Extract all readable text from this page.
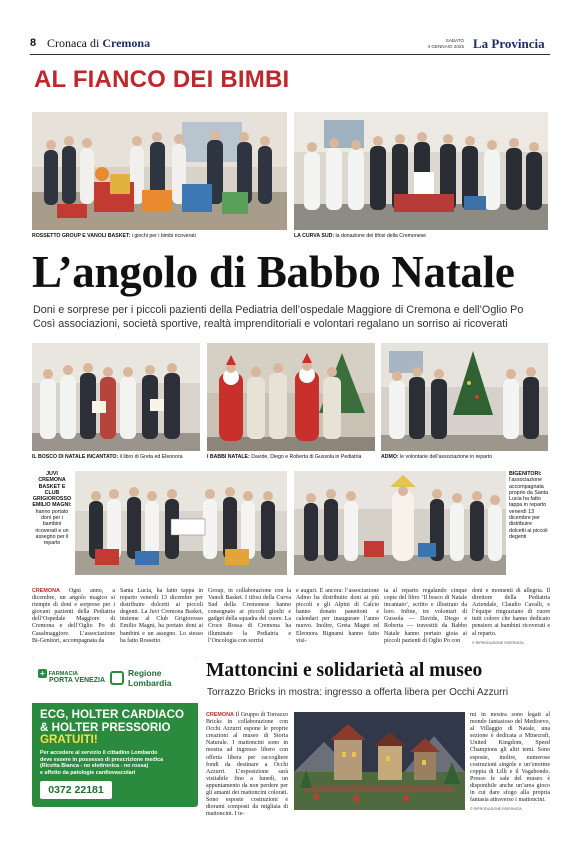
8 Cronaca di Cremona	SABATO
4 GENNAIO 2025 La Provincia
AL FIANCO DEI BIMBI
ROSSETTO GROUP E VANOLI BASKET: i giochi per i bimbi ricoverati	LA CURVA SUD: la donazione dei tifosi della Cremonese
L’angolo di Babbo Natale
Doni e sorprese per i piccoli pazienti della Pediatria dell’ospedale Maggiore di Cremona e dell’Oglio Po
Così associazioni, società sportive, realtà imprenditoriali e volontari regalano un sorriso ai ricoverati
IL BOSCO DI NATALE INCANTATO: il libro di Greta ed Eleonora	I BABBI NATALE: Davide, Diego e Roberta di Gussola in Pediatria	ADMO: le volontarie dell’associazione in reparto
JUVI CREMONA BASKET E CLUB GRIGIOROSSO EMILIO MAGNI: hanno portato doni per i bambini ricoverati e un assegno per il reparto
BIGENITORI: l’associazione accompagnata proprio da Santa Lucia ha fatto tappa in reparto venerdì 13 dicembre per distribuire dolcetti ai piccoli degenti
CREMONA Ogni anno, a dicembre, un angolo magico si riempie di doni e sorprese per i giovani pazienti della Pediatria dell’Ospedale Maggiore di Cremona e dell’Oglio Po di Casalmaggiore. L’associazione Bi-Genitori, accompagnata da
Santa Lucia, ha fatto tappa in reparto venerdì 13 dicembre per distribuire dolcetti ai piccoli degenti. La Juvi Cremona Basket, insieme al Club Grigiorosso Emilio Magni, ha portato doni ai bambini e un assegno. Lo stesso ha fatto Rossetto
Group, in collaborazione con la Vanoli Basket. I tifosi della Curva Sud della Cremonese hanno consegnato ai piccoli giochi e gadget della squadra del cuore. La Croce Rossa di Cremona ha illuminato la Pediatria e l’Oncologia con sorrisi
e auguri. E ancora: l’associazione Admo ha distribuito doni ai più piccoli e gli Alpini di Calcio hanno donato panettoni e calendari per inaugurare l’anno nuovo. Inoltre, Greta Magni ed Eleonora Bignami hanno fatto visi-
ta al reparto regalando cinque copie del libro ‘Il bosco di Natale incantato’, scritto e illustrato da loro. Infine, tre volontari di Gussola — Davide, Diego e Roberta — travestiti da Babbo Natale hanno portato gioia ai piccoli pazienti di Oglio Po con
doni e momenti di allegria. Il direttore della Pediatria Aziendale, Claudio Cavalli, e l’équipe ringraziano di cuore tutti coloro che hanno dedicato pensiero ai bambini ricoverati e al reparto.
© RIPRODUZIONE RISERVATA
+ FARMACIA
PORTA VENEZIA
Regione
Lombardia
ECG, HOLTER CARDIACO
& HOLTER PRESSORIO
GRATUITI!
Per accedere al servizio il cittadino Lombardo
deve essere in possesso di prescrizione medica
(Ricetta Bianca - no elettronica - no rossa)
e affetto da patologie cardiovascolari
0372 22181
Mattoncini e solidarietà al museo
Torrazzo Bricks in mostra: ingresso a offerta libera per Occhi Azzurri
CREMONA Il Gruppo di Torrazzo Bricks in collaborazione con Occhi Azzurri espone le proprie creazioni al museo di Storia Naturale. I mattoncini sono in mostra ad ingresso libero con offerta libera per raccogliere fondi da destinare a Occhi Azzurri. L’esposizione sarà visitabile fino a lunedì, un appuntamento da non perdere per gli amanti dei mattoncini colorati. Sono esposte costruzioni e diorami composti da migliaia di mattoncini. I te-
mi in mostra sono legati al mondo fantasioso del Medioevo, al Villaggio di Natale, una sezione è dedicata a Minecraft, United Kingdom, Speed Champions gli altri temi. Sono esposte, inoltre, numerose costruzioni singole e un’enorme coppia di Lilli e il Vagabondo. Presso le sale del museo è disponibile anche un’area gioco in cui dare sfogo alla propria fantasia attraverso i mattoncini.
© RIPRODUZIONE RISERVATA
